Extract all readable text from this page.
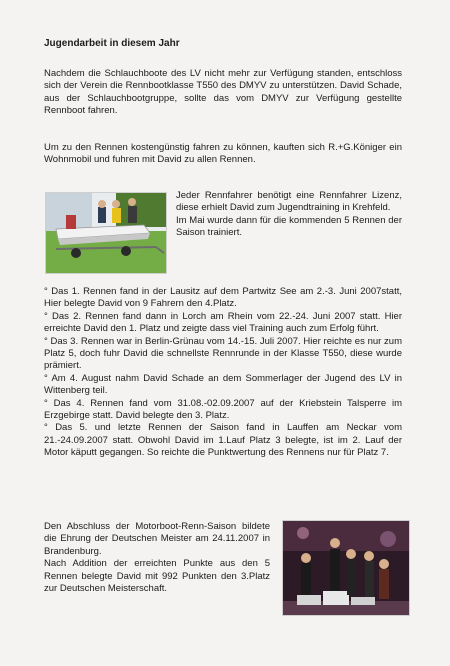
Jugendarbeit in diesem Jahr

Nachdem die Schlauchboote des LV nicht mehr zur Verfügung standen, entschloss sich der Verein die Rennbootklasse T550 des DMYV zu unterstützen. David Schade, aus der Schlauchbootgruppe, sollte das vom DMYV zur Verfügung gestellte Rennboot fahren.

Um zu den Rennen kostengünstig fahren zu können, kauften sich R.+G.Königer ein Wohnmobil und fuhren mit David zu allen Rennen.

Jeder Rennfahrer benötigt eine Rennfahrer Lizenz, diese erhielt David zum Jugendtraining in Krehfeld.
Im Mai wurde dann für die kommenden 5 Rennen der Saison trainiert.

° Das 1. Rennen fand in der Lausitz auf dem Partwitz See am 2.-3. Juni 2007statt, Hier belegte David von 9 Fahrern den 4.Platz.
° Das 2. Rennen fand dann in Lorch am Rhein vom 22.-24. Juni 2007 statt. Hier erreichte David den 1. Platz und zeigte dass viel Training auch zum Erfolg führt.
° Das 3. Rennen war in Berlin-Grünau vom 14.-15. Juli 2007. Hier reichte es nur zum Platz 5, doch fuhr David die schnellste Rennrunde in der Klasse T550, diese wurde prämiert.
° Am 4. August nahm David Schade an dem Sommerlager der Jugend des LV in Wittenberg teil.
° Das 4. Rennen fand vom 31.08.-02.09.2007 auf der Kriebstein Talsperre im Erzgebirge statt. David belegte den 3. Platz.
° Das 5. und letzte Rennen der Saison fand in Lauffen am Neckar vom 21.-24.09.2007 statt. Obwohl David im 1.Lauf Platz 3 belegte, ist im 2. Lauf der Motor käputt gegangen. So reichte die Punktwertung des Rennens nur für Platz 7.

Den Abschluss der Motorboot-Renn-Saison bildete die Ehrung der Deutschen Meister am 24.11.2007 in Brandenburg.
Nach Addition der erreichten Punkte aus den 5 Rennen belegte David mit 992 Punkten den 3.Platz zur Deutschen Meisterschaft.
